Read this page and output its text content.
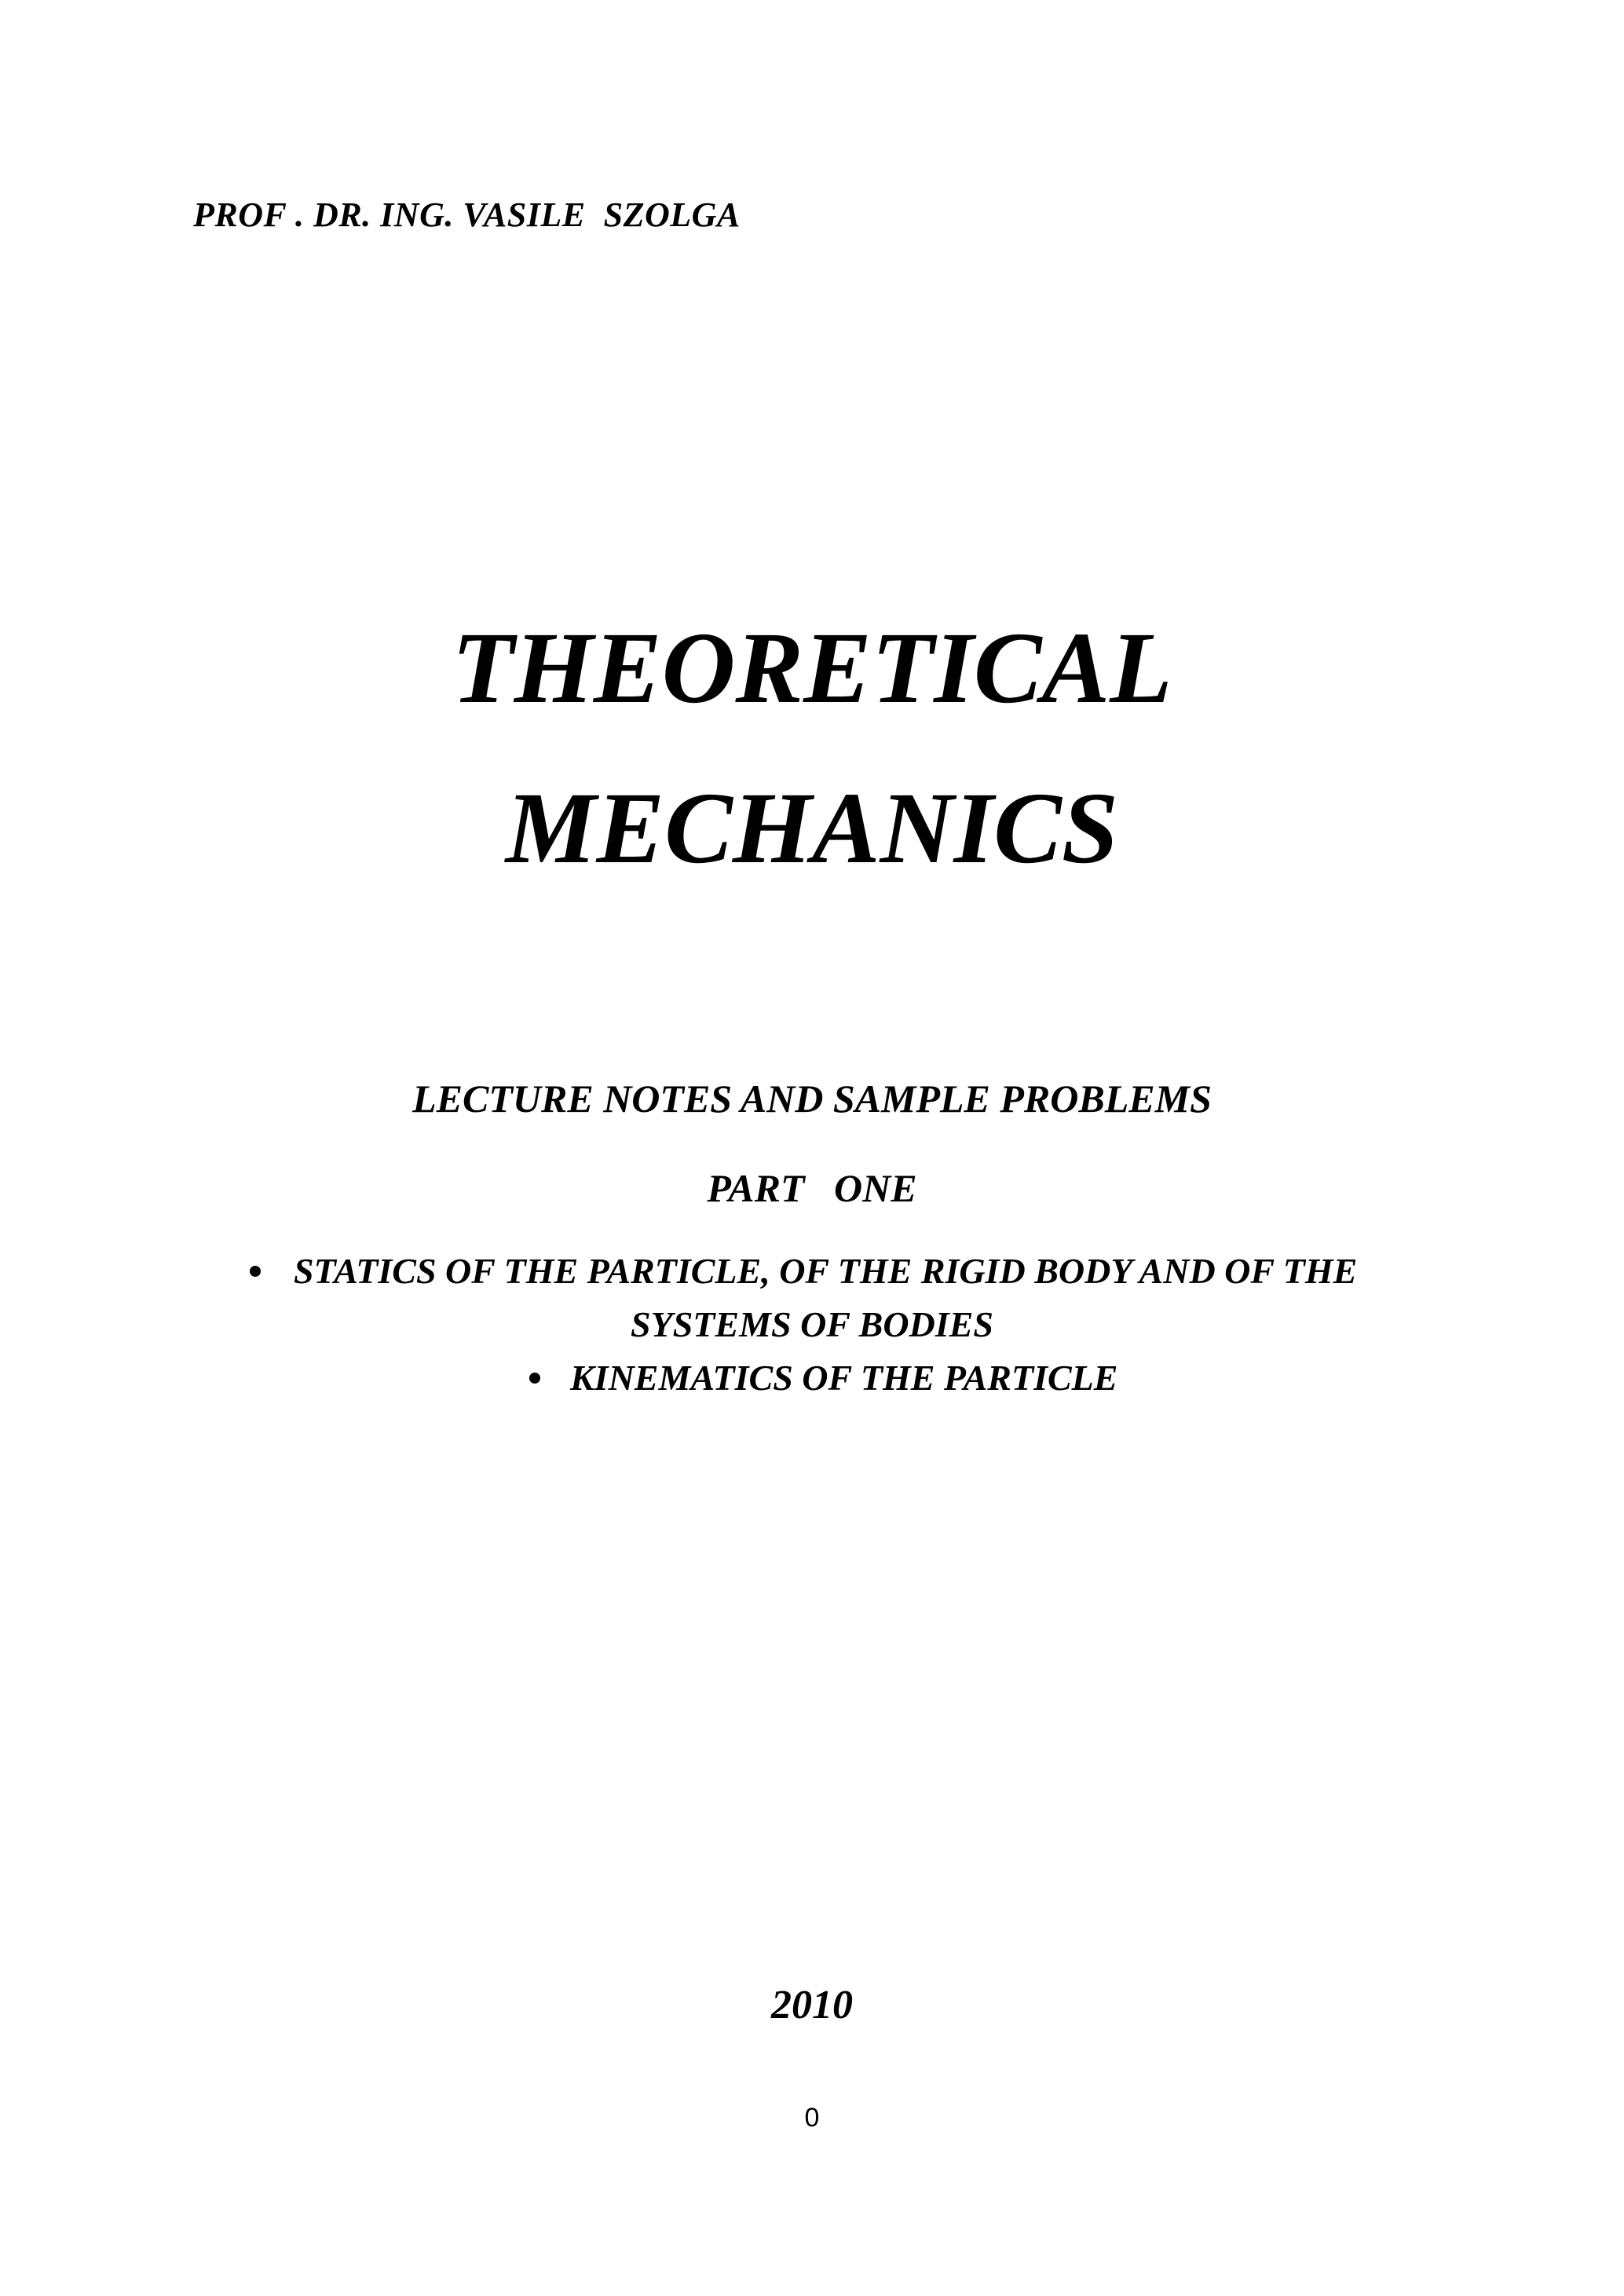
PROF . DR. ING. VASILE  SZOLGA
THEORETICAL
MECHANICS
LECTURE NOTES AND SAMPLE PROBLEMS
PART   ONE
STATICS OF THE PARTICLE, OF THE RIGID BODY AND OF THE
SYSTEMS OF BODIES
KINEMATICS OF THE PARTICLE
2010
0
